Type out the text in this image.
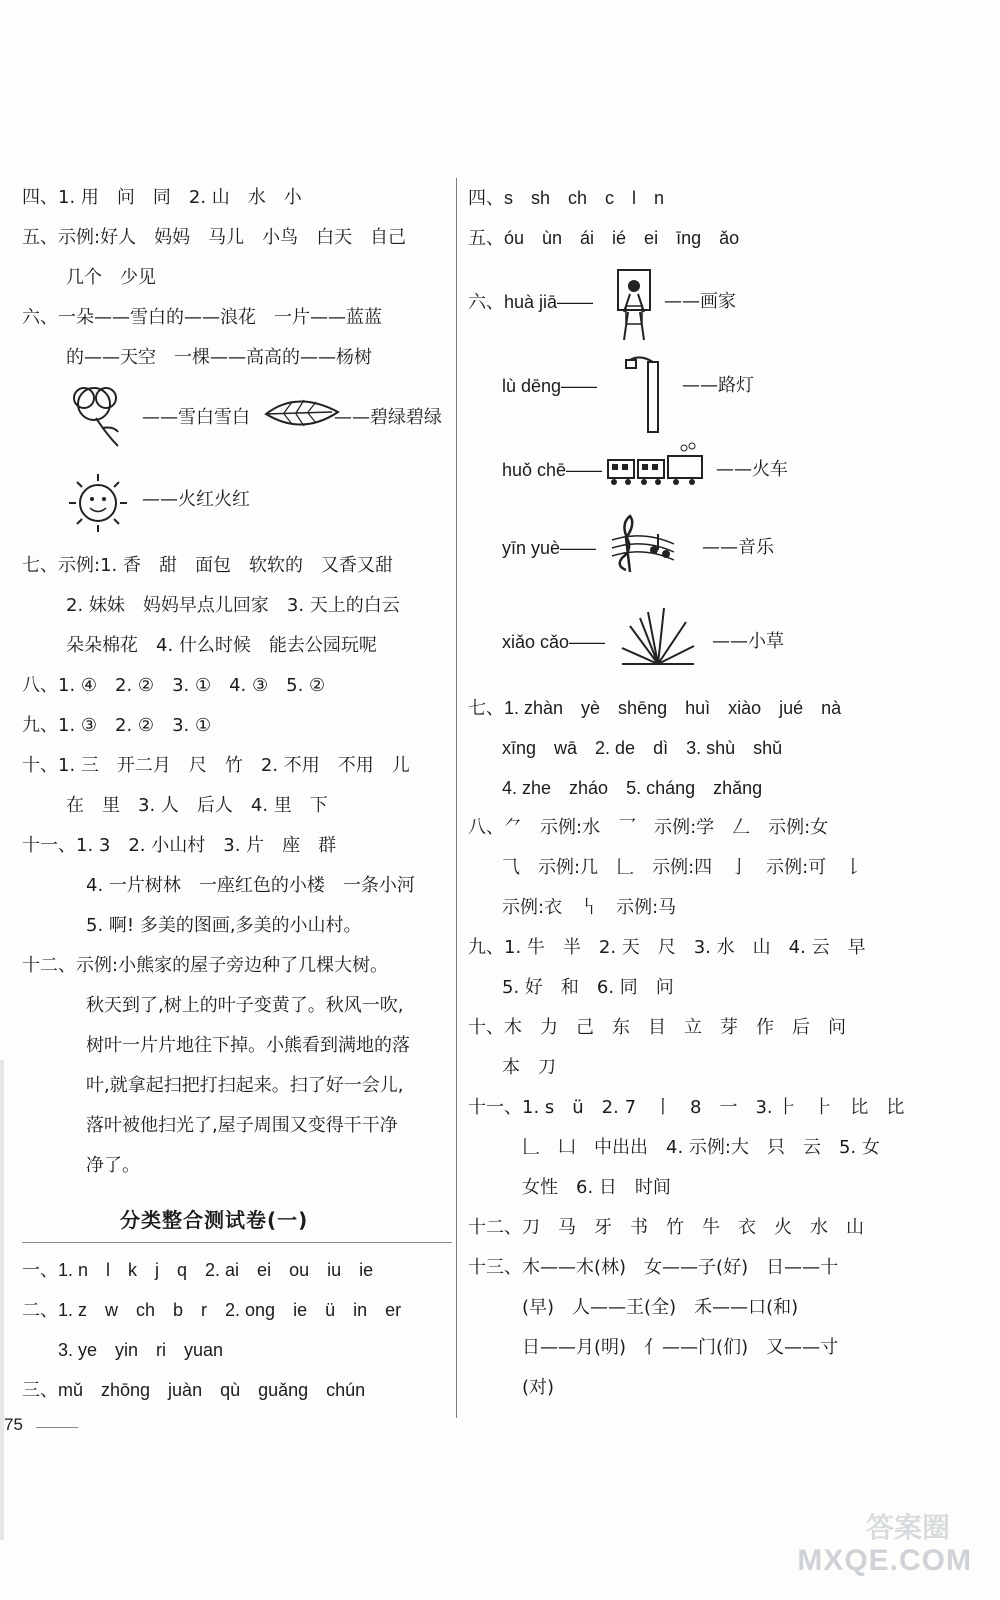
四、1. 用　问　同　2. 山　水　小
五、示例:好人　妈妈　马儿　小鸟　白天　自己
几个　少见
六、一朵——雪白的——浪花　一片——蓝蓝
的——天空　一棵——高高的——杨树
——雪白雪白	——碧绿碧绿
——火红火红
七、示例:1. 香　甜　面包　软软的　又香又甜
2. 妹妹　妈妈早点儿回家　3. 天上的白云
朵朵棉花　4. 什么时候　能去公园玩呢
八、1. ④　2. ②　3. ①　4. ③　5. ②
九、1. ③　2. ②　3. ①
十、1. 三　开二月　尺　竹　2. 不用　不用　儿
在　里　3. 人　后人　4. 里　下
十一、1. 3　2. 小山村　3. 片　座　群
4. 一片树林　一座红色的小楼　一条小河
5. 啊! 多美的图画,多美的小山村。
十二、示例:小熊家的屋子旁边种了几棵大树。
秋天到了,树上的叶子变黄了。秋风一吹,
树叶一片片地往下掉。小熊看到满地的落
叶,就拿起扫把打扫起来。扫了好一会儿,
落叶被他扫光了,屋子周围又变得干干净
净了。
分类整合测试卷(一)
一、1. n　l　k　j　q　2. ai　ei　ou　iu　ie
二、1. z　w　ch　b　r　2. ong　ie　ü　in　er
3. ye　yin　ri　yuan
三、mǔ　zhōng　juàn　qù　guǎng　chún
四、s　sh　ch　c　l　n
五、óu　ùn　ái　ié　ei　īng　ǎo
六、huà jiā——	——画家
lù dēng——	——路灯
huǒ chē——	——火车
yīn yuè——	——音乐
xiǎo cǎo——	——小草
七、1. zhàn　yè　shēng　huì　xiào　jué　nà
xīng　wā　2. de　dì　3. shù　shǔ
4. zhe　zháo　5. cháng　zhǎng
八、⺈　示例:水　乛　示例:学　𠃋　示例:女
⺄　示例:几　𠃊　示例:四　亅　示例:可　𠄌
示例:衣　𠃑　示例:马
九、1. 牛　半　2. 天　尺　3. 水　山　4. 云　早
5. 好　和　6. 同　问
十、木　力　己　东　目　立　芽　作　后　问
本　刀
十一、1. s　ü　2. 7　丨　8　一　3. ⺊　⺊　比　比
𠃊　凵　中出出　4. 示例:大　只　云　5. 女
女性　6. 日　时间
十二、刀　马　牙　书　竹　牛　衣　火　水　山
十三、木——木(林)　女——子(好)　日——十
(早)　人——王(全)　禾——口(和)
日——月(明)　亻——门(们)　又——寸
(对)
75
答案圈
MXQE.COM
